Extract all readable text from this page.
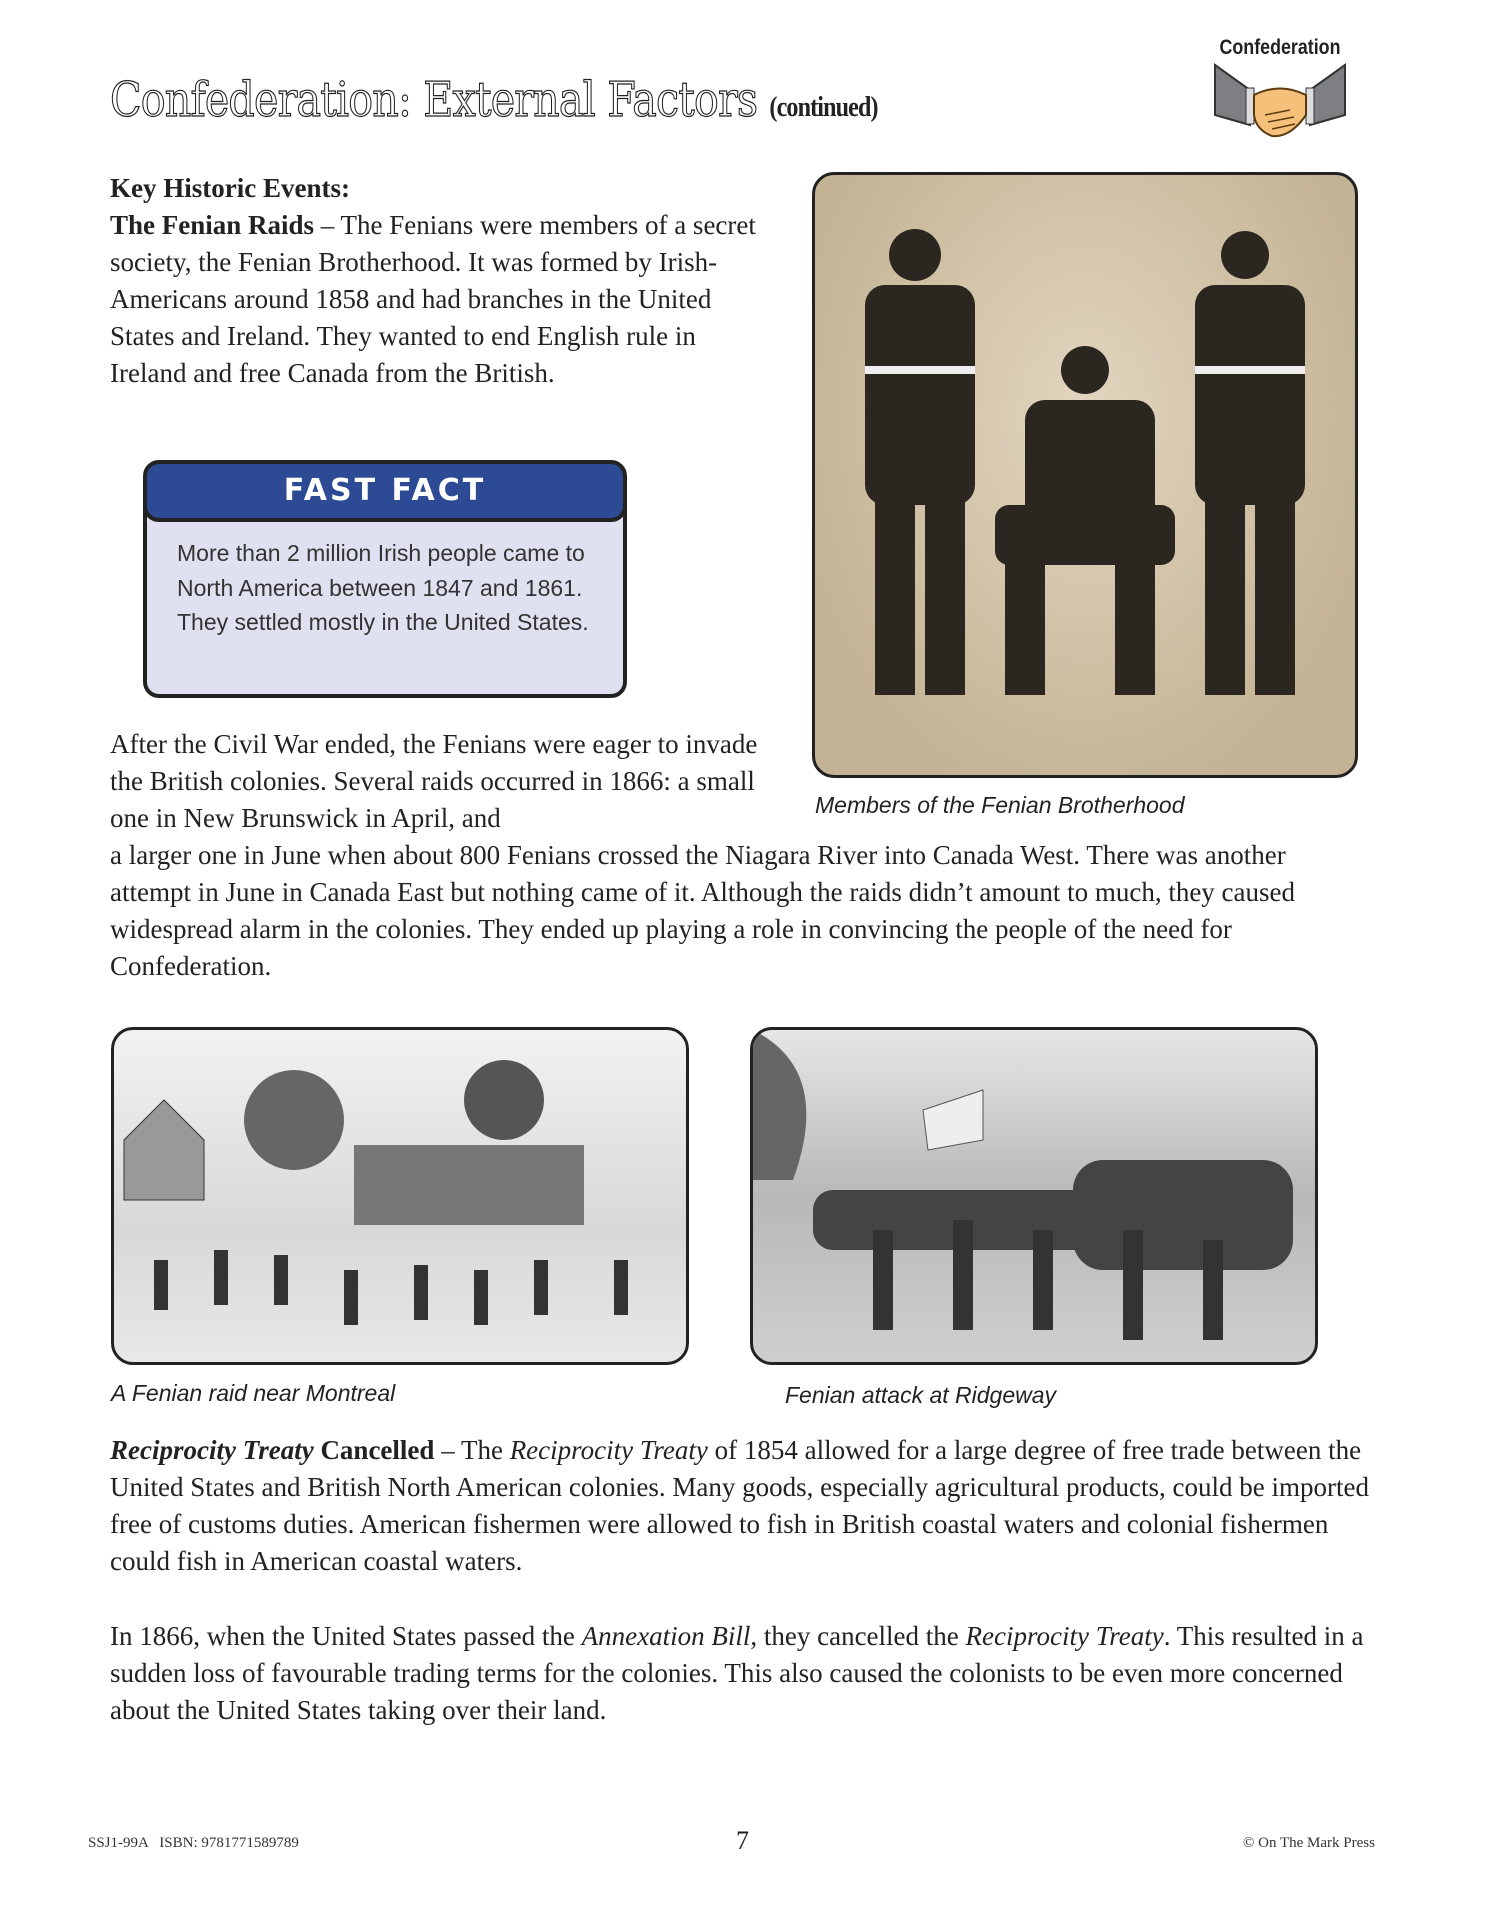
Confederation: External Factors (continued)
Confederation
Key Historic Events:
The Fenian Raids – The Fenians were members of a secret society, the Fenian Brotherhood. It was formed by Irish-Americans around 1858 and had branches in the United States and Ireland. They wanted to end English rule in Ireland and free Canada from the British.
FAST FACT
More than 2 million Irish people came to North America between 1847 and 1861. They settled mostly in the United States.
Members of the Fenian Brotherhood
After the Civil War ended, the Fenians were eager to invade the British colonies. Several raids occurred in 1866: a small one in New Brunswick in April, and
a larger one in June when about 800 Fenians crossed the Niagara River into Canada West. There was another attempt in June in Canada East but nothing came of it. Although the raids didn’t amount to much, they caused widespread alarm in the colonies. They ended up playing a role in convincing the people of the need for Confederation.
A Fenian raid near Montreal	Fenian attack at Ridgeway
Reciprocity Treaty Cancelled – The Reciprocity Treaty of 1854 allowed for a large degree of free trade between the United States and British North American colonies. Many goods, especially agricultural products, could be imported free of customs duties. American fishermen were allowed to fish in British coastal waters and colonial fishermen could fish in American coastal waters.
In 1866, when the United States passed the Annexation Bill, they cancelled the Reciprocity Treaty. This resulted in a sudden loss of favourable trading terms for the colonies. This also caused the colonists to be even more concerned about the United States taking over their land.
SSJ1-99A   ISBN: 9781771589789	7	© On The Mark Press
